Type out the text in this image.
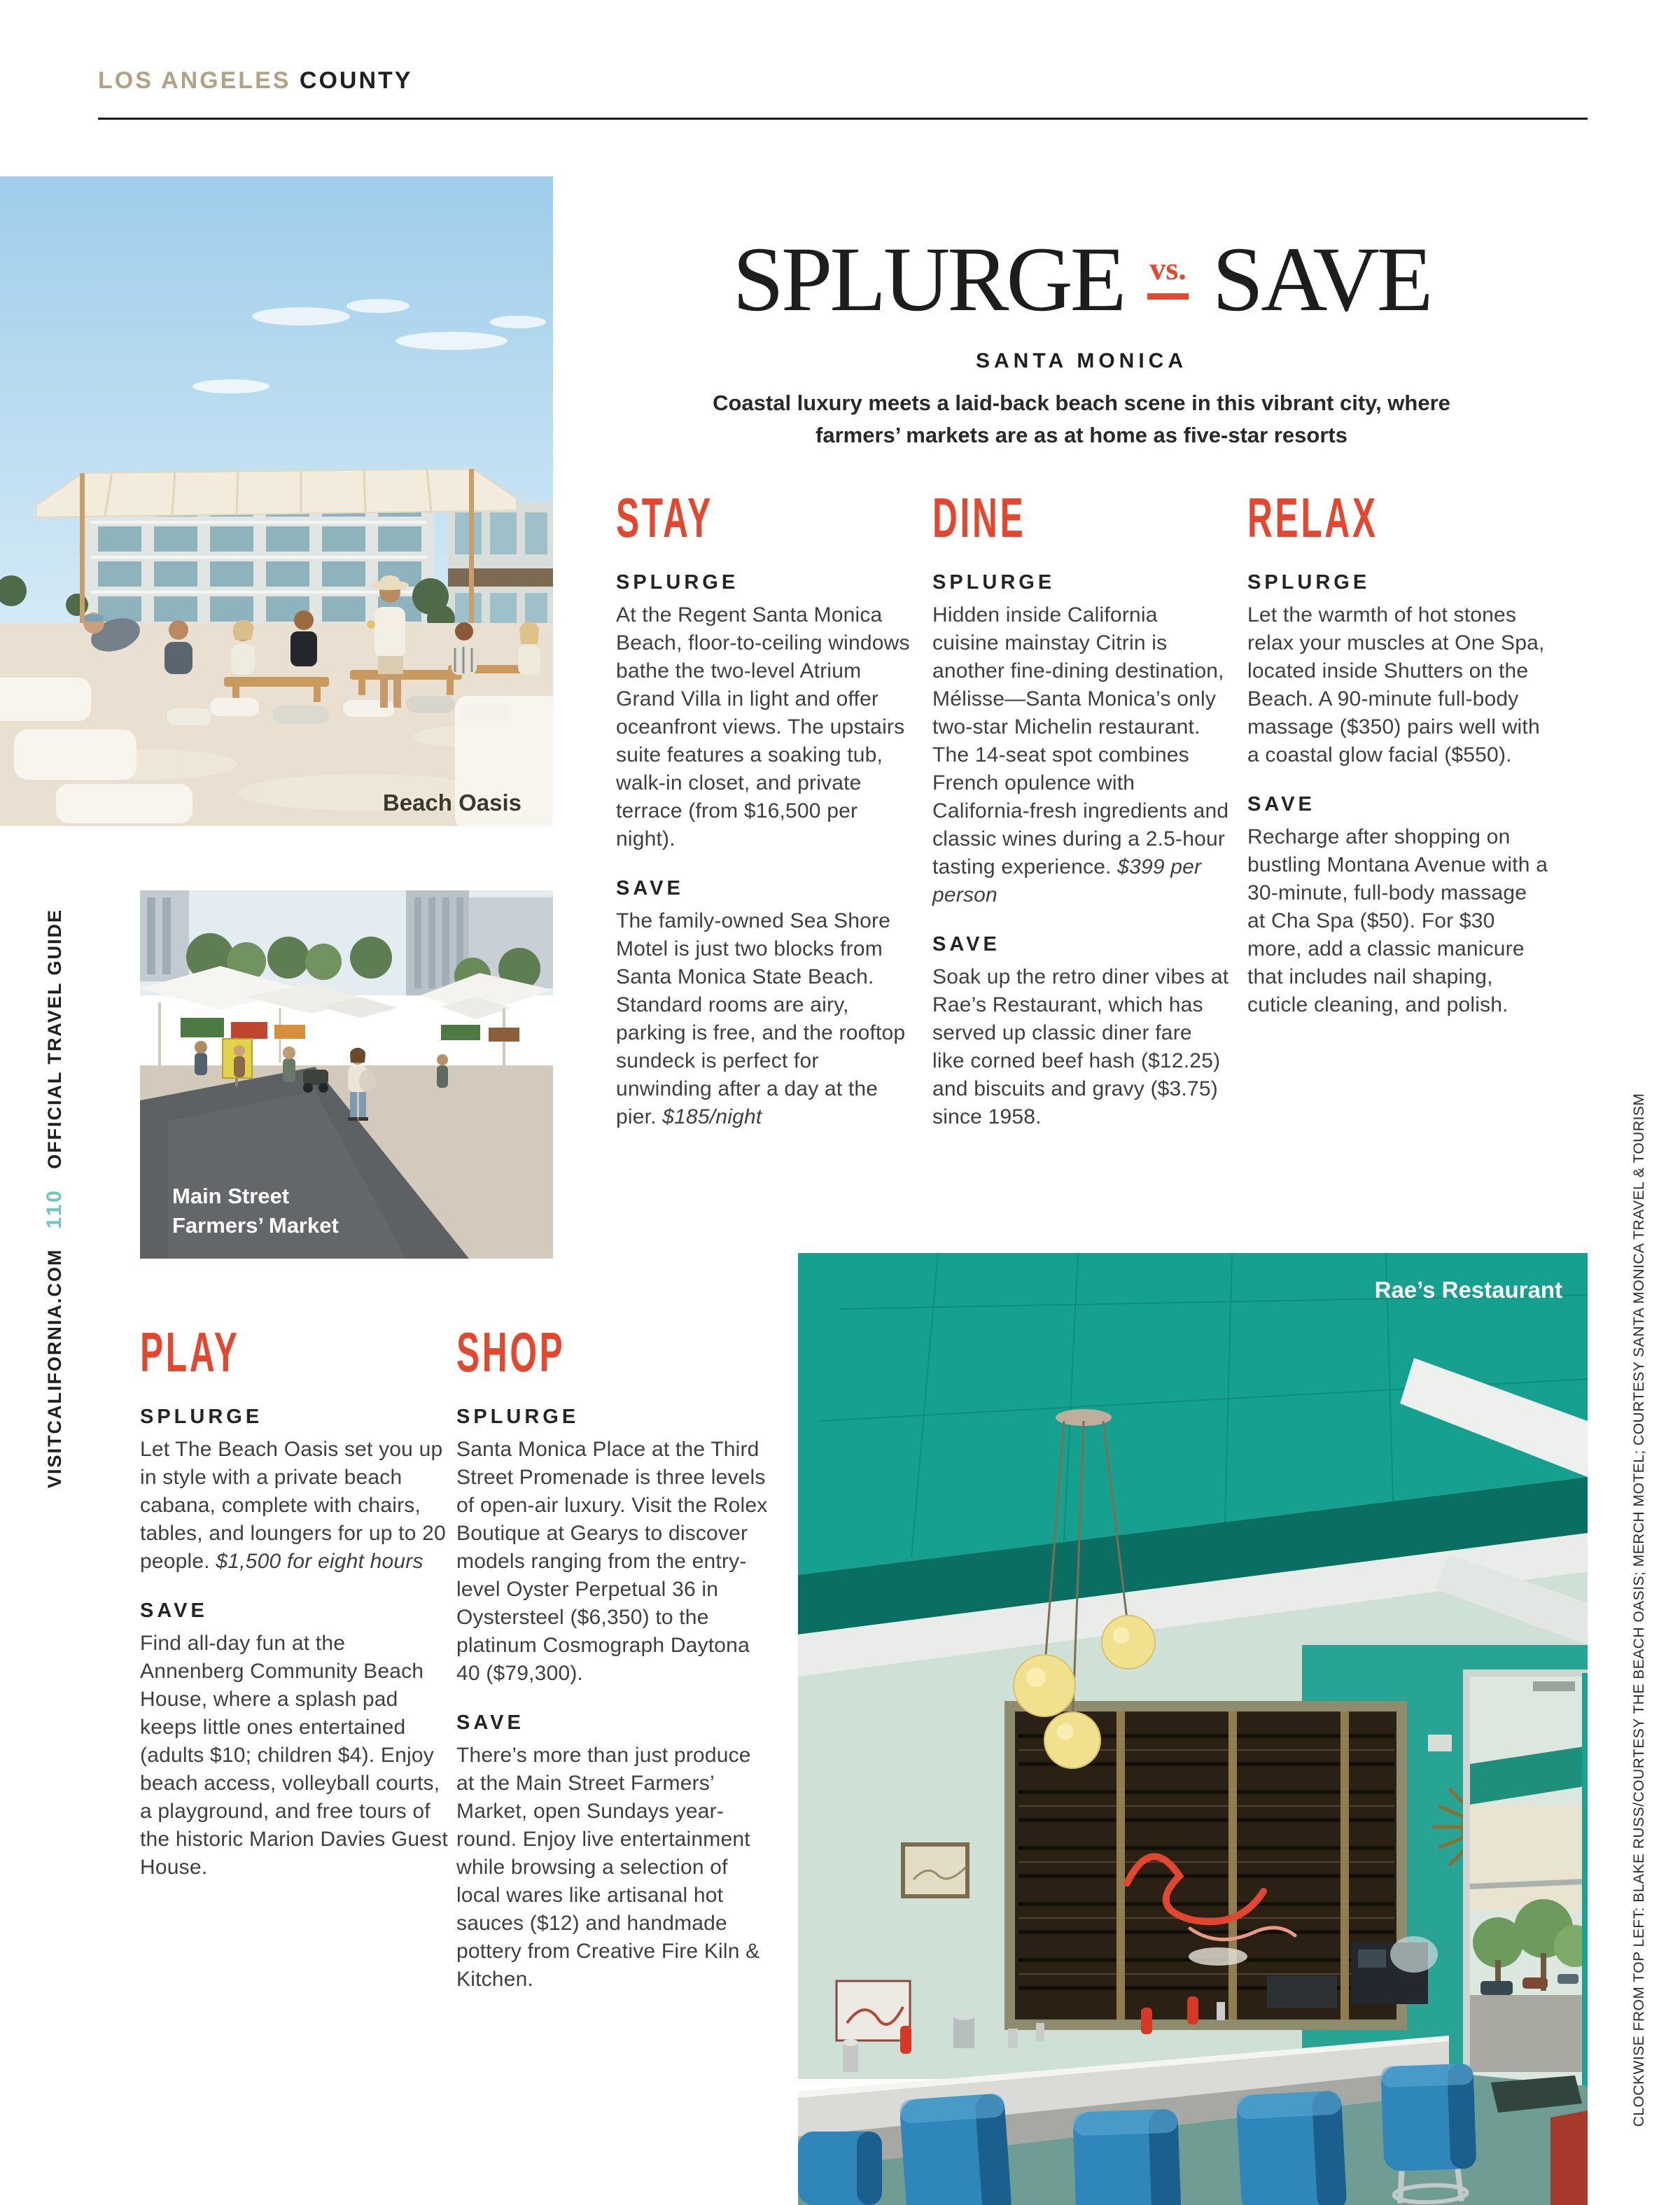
LOS ANGELES COUNTY
Beach Oasis
SPLURGE vs. SAVE
SANTA MONICA
Coastal luxury meets a laid-back beach scene in this vibrant city, where
farmers’ markets are as at home as five-star resorts
STAY
SPLURGE

At the Regent Santa Monica Beach, floor-to-ceiling windows bathe the two-level Atrium Grand Villa in light and offer oceanfront views. The upstairs suite features a soaking tub, walk-in closet, and private terrace (from $16,500 per night).

SAVE

The family-owned Sea Shore Motel is just two blocks from Santa Monica State Beach. Standard rooms are airy, parking is free, and the rooftop sundeck is perfect for unwinding after a day at the pier. $185/night

DINE
SPLURGE

Hidden inside California cuisine mainstay Citrin is another fine-dining destination, Mélisse—Santa Monica’s only two-star Michelin restaurant. The 14-seat spot combines French opulence with California-fresh ingredients and classic wines during a 2.5-hour tasting experience. $399 per person

SAVE

Soak up the retro diner vibes at Rae’s Restaurant, which has served up classic diner fare like corned beef hash ($12.25) and biscuits and gravy ($3.75) since 1958.

RELAX
SPLURGE

Let the warmth of hot stones relax your muscles at One Spa, located inside Shutters on the Beach. A 90-minute full-body massage ($350) pairs well with a coastal glow facial ($550).

SAVE

Recharge after shopping on bustling Montana Avenue with a 30-minute, full-body massage at Cha Spa ($50). For $30 more, add a classic manicure that includes nail shaping, cuticle cleaning, and polish.

Main Street
Farmers’ Market
VISITCALIFORNIA.COM
110
OFFICIAL TRAVEL GUIDE
PLAY
SPLURGE

Let The Beach Oasis set you up in style with a private beach cabana, complete with chairs, tables, and loungers for up to 20 people. $1,500 for eight hours

SAVE

Find all-day fun at the Annenberg Community Beach House, where a splash pad keeps little ones entertained (adults $10; children $4). Enjoy beach access, volleyball courts, a playground, and free tours of the historic Marion Davies Guest House.

SHOP
SPLURGE

Santa Monica Place at the Third Street Promenade is three levels of open-air luxury. Visit the Rolex Boutique at Gearys to discover models ranging from the entry-level Oyster Perpetual 36 in Oystersteel ($6,350) to the platinum Cosmograph Daytona 40 ($79,300).

SAVE

There’s more than just produce at the Main Street Farmers’ Market, open Sundays year-round. Enjoy live entertainment while browsing a selection of local wares like artisanal hot sauces ($12) and handmade pottery from Creative Fire Kiln & Kitchen.

Rae’s Restaurant	CLOCKWISE FROM TOP LEFT: BLAKE RUSS/COURTESY THE BEACH OASIS; MERCH MOTEL; COURTESY SANTA MONICA TRAVEL & TOURISM
